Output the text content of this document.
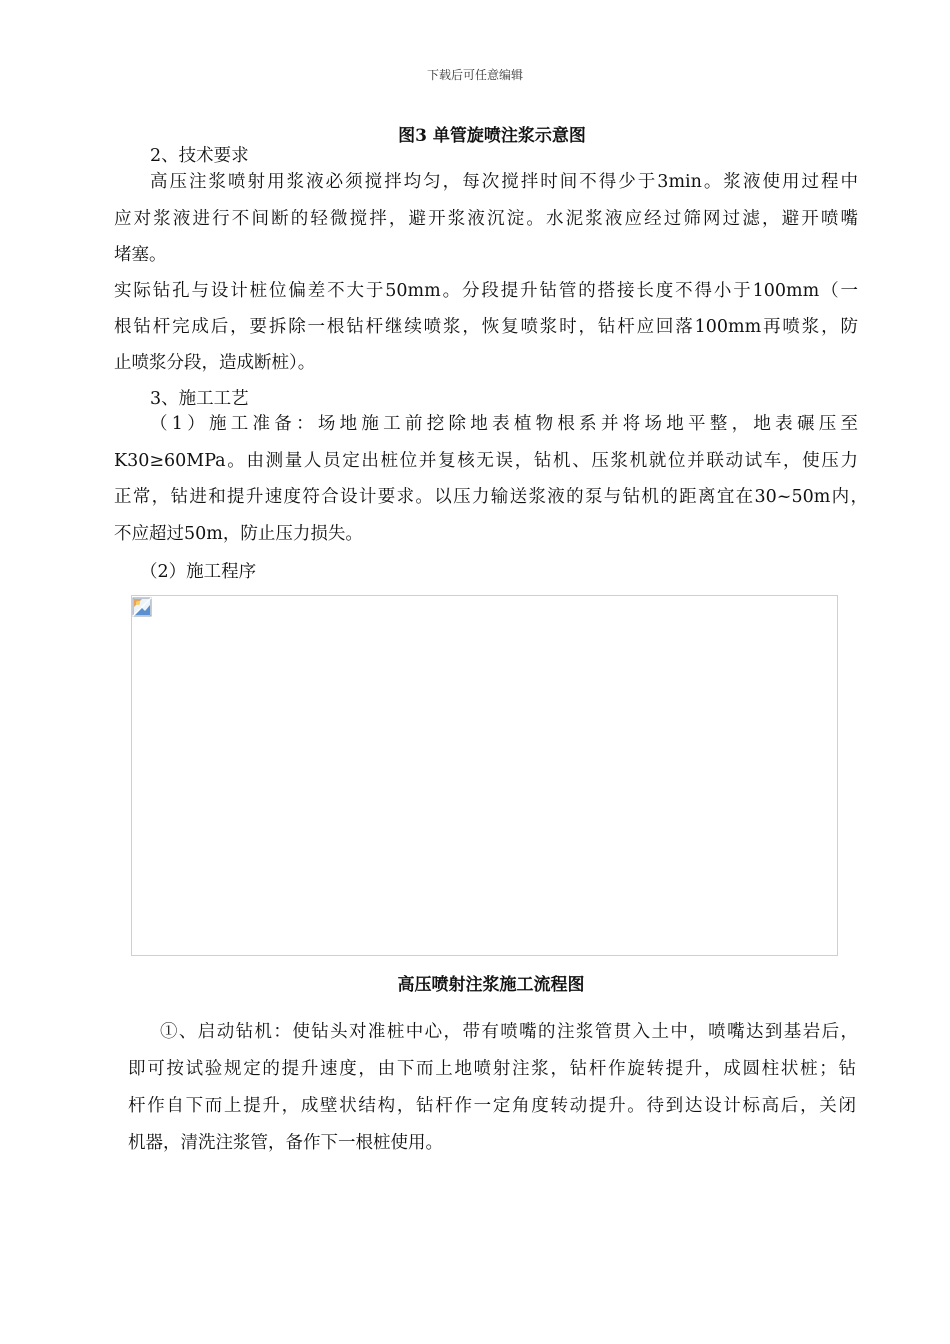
下载后可任意编辑
图3 单管旋喷注浆示意图
2、技术要求
高压注浆喷射用浆液必须搅拌均匀，每次搅拌时间不得少于3min。浆液使用过程中
应对浆液进行不间断的轻微搅拌，避开浆液沉淀。水泥浆液应经过筛网过滤，避开喷嘴
堵塞。
实际钻孔与设计桩位偏差不大于50mm。分段提升钻管的搭接长度不得小于100mm（一
根钻杆完成后，要拆除一根钻杆继续喷浆，恢复喷浆时，钻杆应回落100mm再喷浆，防
止喷浆分段，造成断桩）。
3、施工工艺
（1）施工准备：场地施工前挖除地表植物根系并将场地平整，地表碾压至
K30≥60MPa。由测量人员定出桩位并复核无误，钻机、压浆机就位并联动试车，使压力
正常，钻进和提升速度符合设计要求。以压力输送浆液的泵与钻机的距离宜在30~50m内，
不应超过50m，防止压力损失。
（2）施工程序
高压喷射注浆施工流程图
①、启动钻机：使钻头对准桩中心，带有喷嘴的注浆管贯入土中，喷嘴达到基岩后，
即可按试验规定的提升速度，由下而上地喷射注浆，钻杆作旋转提升，成圆柱状桩；钻
杆作自下而上提升，成壁状结构，钻杆作一定角度转动提升。待到达设计标高后，关闭
机器，清洗注浆管，备作下一根桩使用。
